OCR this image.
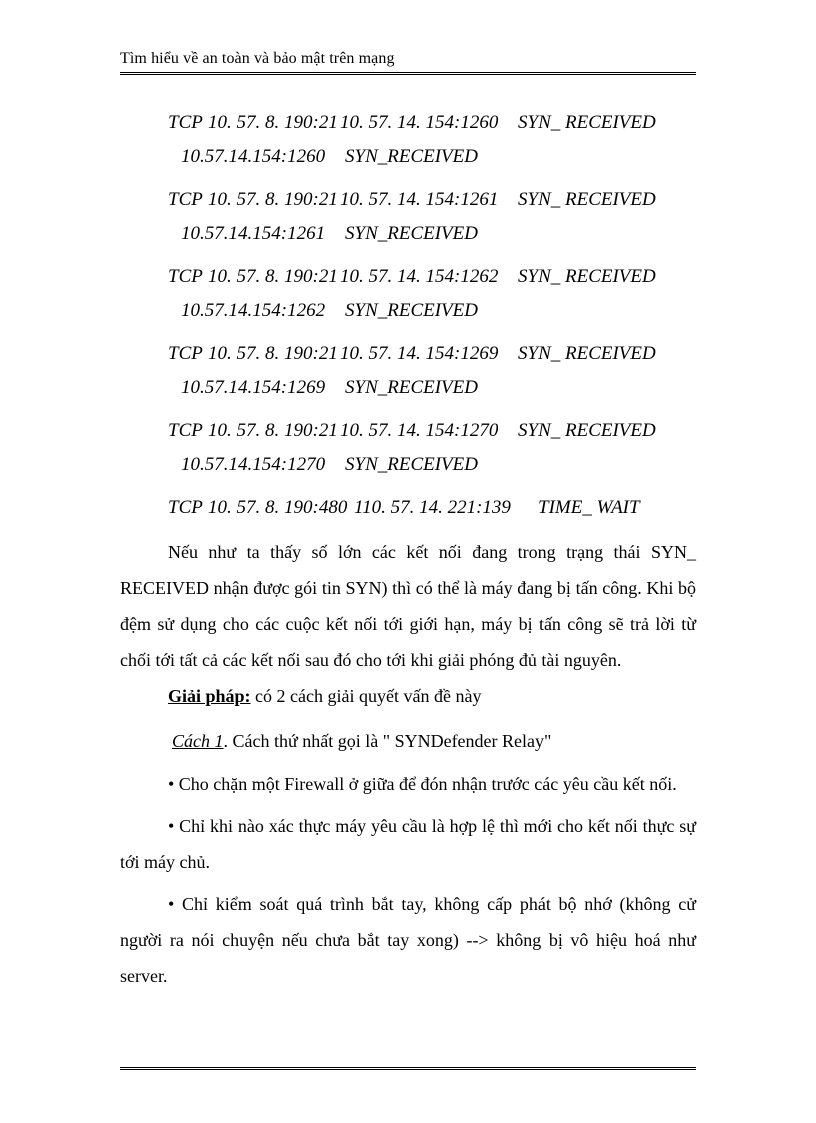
Tìm hiểu về an toàn và bảo mật trên mạng

TCP

10. 57. 8. 190:21

10. 57. 14. 154:1260

SYN_ RECEIVED

10.57.14.154:1260

SYN_RECEIVED

TCP

10. 57. 8. 190:21

10. 57. 14. 154:1261

SYN_ RECEIVED

10.57.14.154:1261

SYN_RECEIVED

TCP

10. 57. 8. 190:21

10. 57. 14. 154:1262

SYN_ RECEIVED

10.57.14.154:1262

SYN_RECEIVED

TCP

10. 57. 8. 190:21

10. 57. 14. 154:1269

SYN_ RECEIVED

10.57.14.154:1269

SYN_RECEIVED

TCP

10. 57. 8. 190:21

10. 57. 14. 154:1270

SYN_ RECEIVED

10.57.14.154:1270

SYN_RECEIVED

TCP

10. 57. 8. 190:480

110. 57. 14. 221:139

TIME_ WAIT

Nếu như ta thấy số lớn các kết nối đang trong trạng thái SYN_ RECEIVED nhận được gói tin SYN) thì có thể là máy đang bị tấn công. Khi bộ đệm sử dụng cho các cuộc kết nối tới giới hạn, máy bị tấn công sẽ trả lời từ chối tới tất cả các kết nối sau đó cho tới khi giải phóng đủ tài nguyên.
Giải pháp: có 2 cách giải quyết vấn đề này
Cách 1. Cách thứ nhất gọi là " SYNDefender Relay"
• Cho chặn một Firewall ở giữa để đón nhận trước các yêu cầu kết nối.
• Chỉ khi nào xác thực máy yêu cầu là hợp lệ thì mới cho kết nối thực sự tới máy chủ.
• Chỉ kiểm soát quá trình bắt tay, không cấp phát bộ nhớ (không cử người ra nói chuyện nếu chưa bắt tay xong) --> không bị vô hiệu hoá như server.
